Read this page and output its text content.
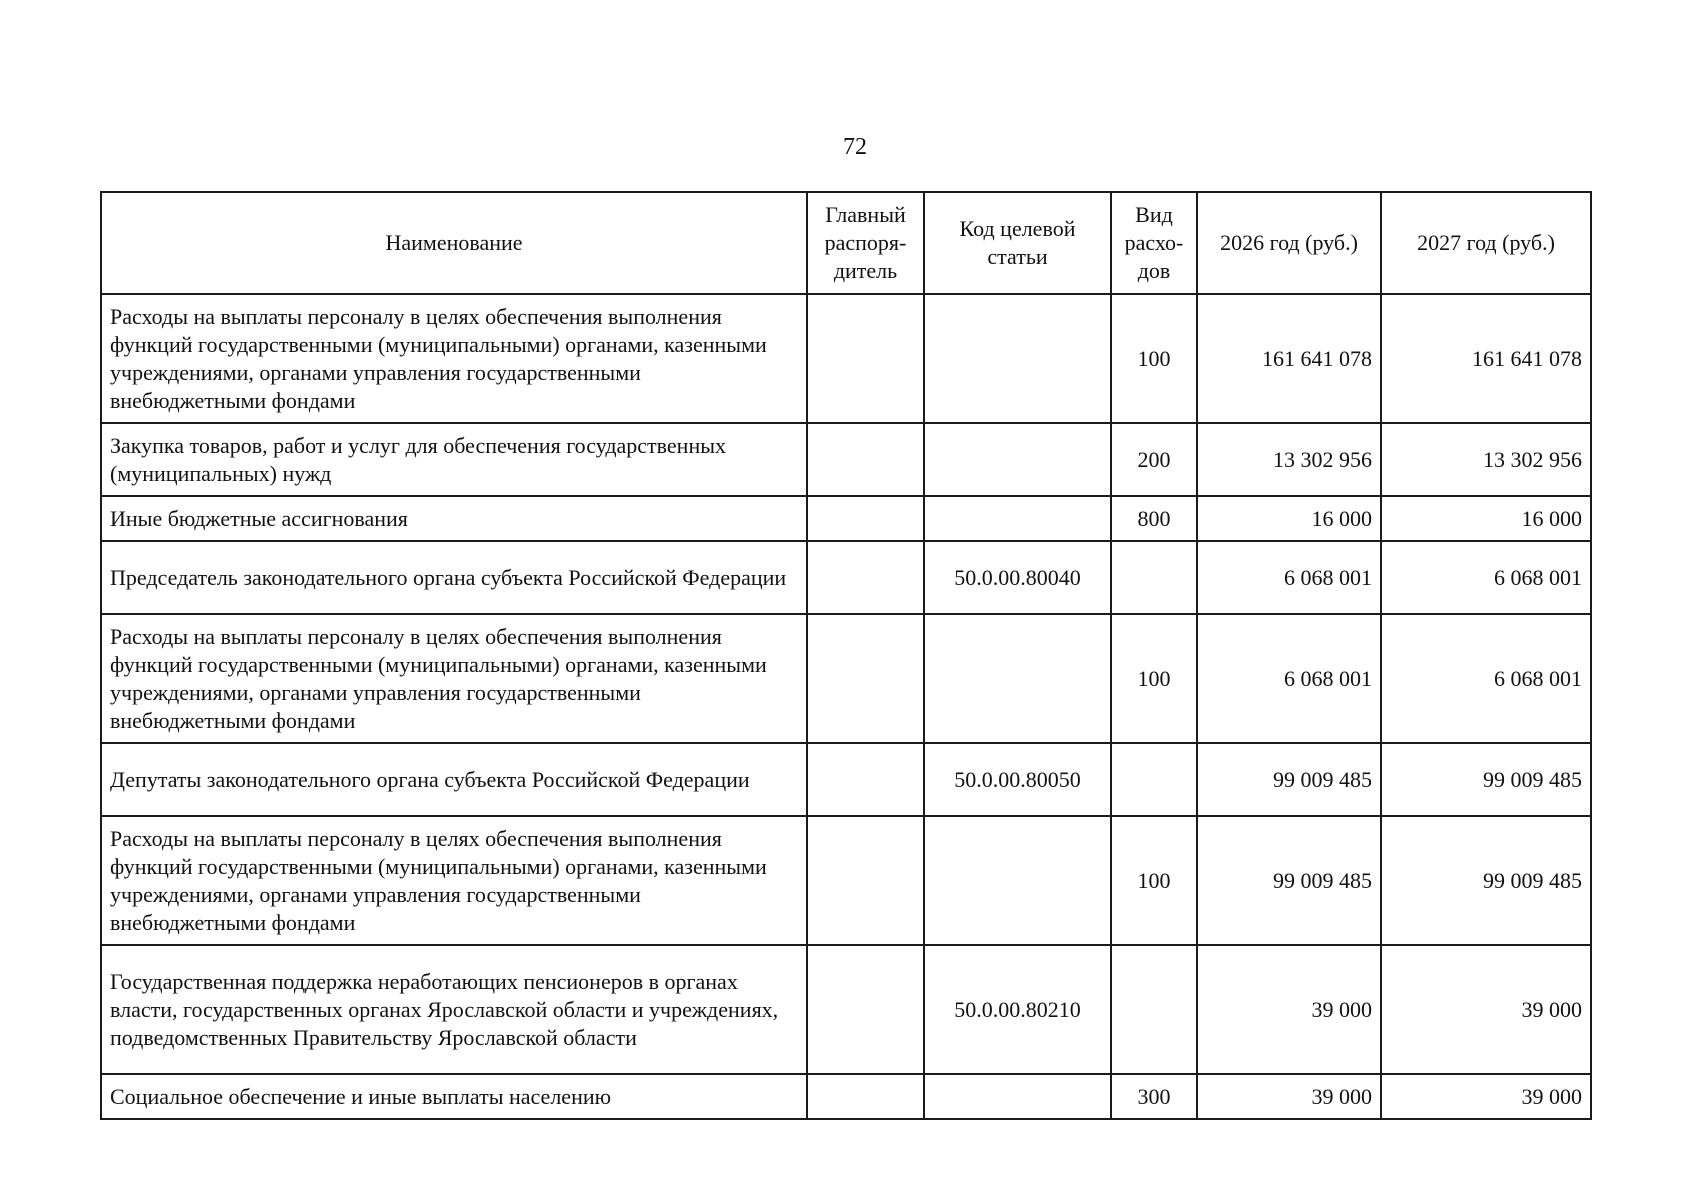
72
Наименование	Главный распоря-дитель	Код целевой статьи	Вид расхо-дов	2026 год (руб.)	2027 год (руб.)
Расходы на выплаты персоналу в целях обеспечения выполнения функций государственными (муниципальными) органами, казенными учреждениями, органами управления государственными внебюджетными фондами			100	161 641 078	161 641 078
Закупка товаров, работ и услуг для обеспечения государственных (муниципальных) нужд			200	13 302 956	13 302 956
Иные бюджетные ассигнования			800	16 000	16 000
Председатель законодательного органа субъекта Российской Федерации		50.0.00.80040		6 068 001	6 068 001
Расходы на выплаты персоналу в целях обеспечения выполнения функций государственными (муниципальными) органами, казенными учреждениями, органами управления государственными внебюджетными фондами			100	6 068 001	6 068 001
Депутаты законодательного органа субъекта Российской Федерации		50.0.00.80050		99 009 485	99 009 485
Расходы на выплаты персоналу в целях обеспечения выполнения функций государственными (муниципальными) органами, казенными учреждениями, органами управления государственными внебюджетными фондами			100	99 009 485	99 009 485
Государственная поддержка неработающих пенсионеров в органах власти, государственных органах Ярославской области и учреждениях, подведомственных Правительству Ярославской области		50.0.00.80210		39 000	39 000
Социальное обеспечение и иные выплаты населению			300	39 000	39 000
